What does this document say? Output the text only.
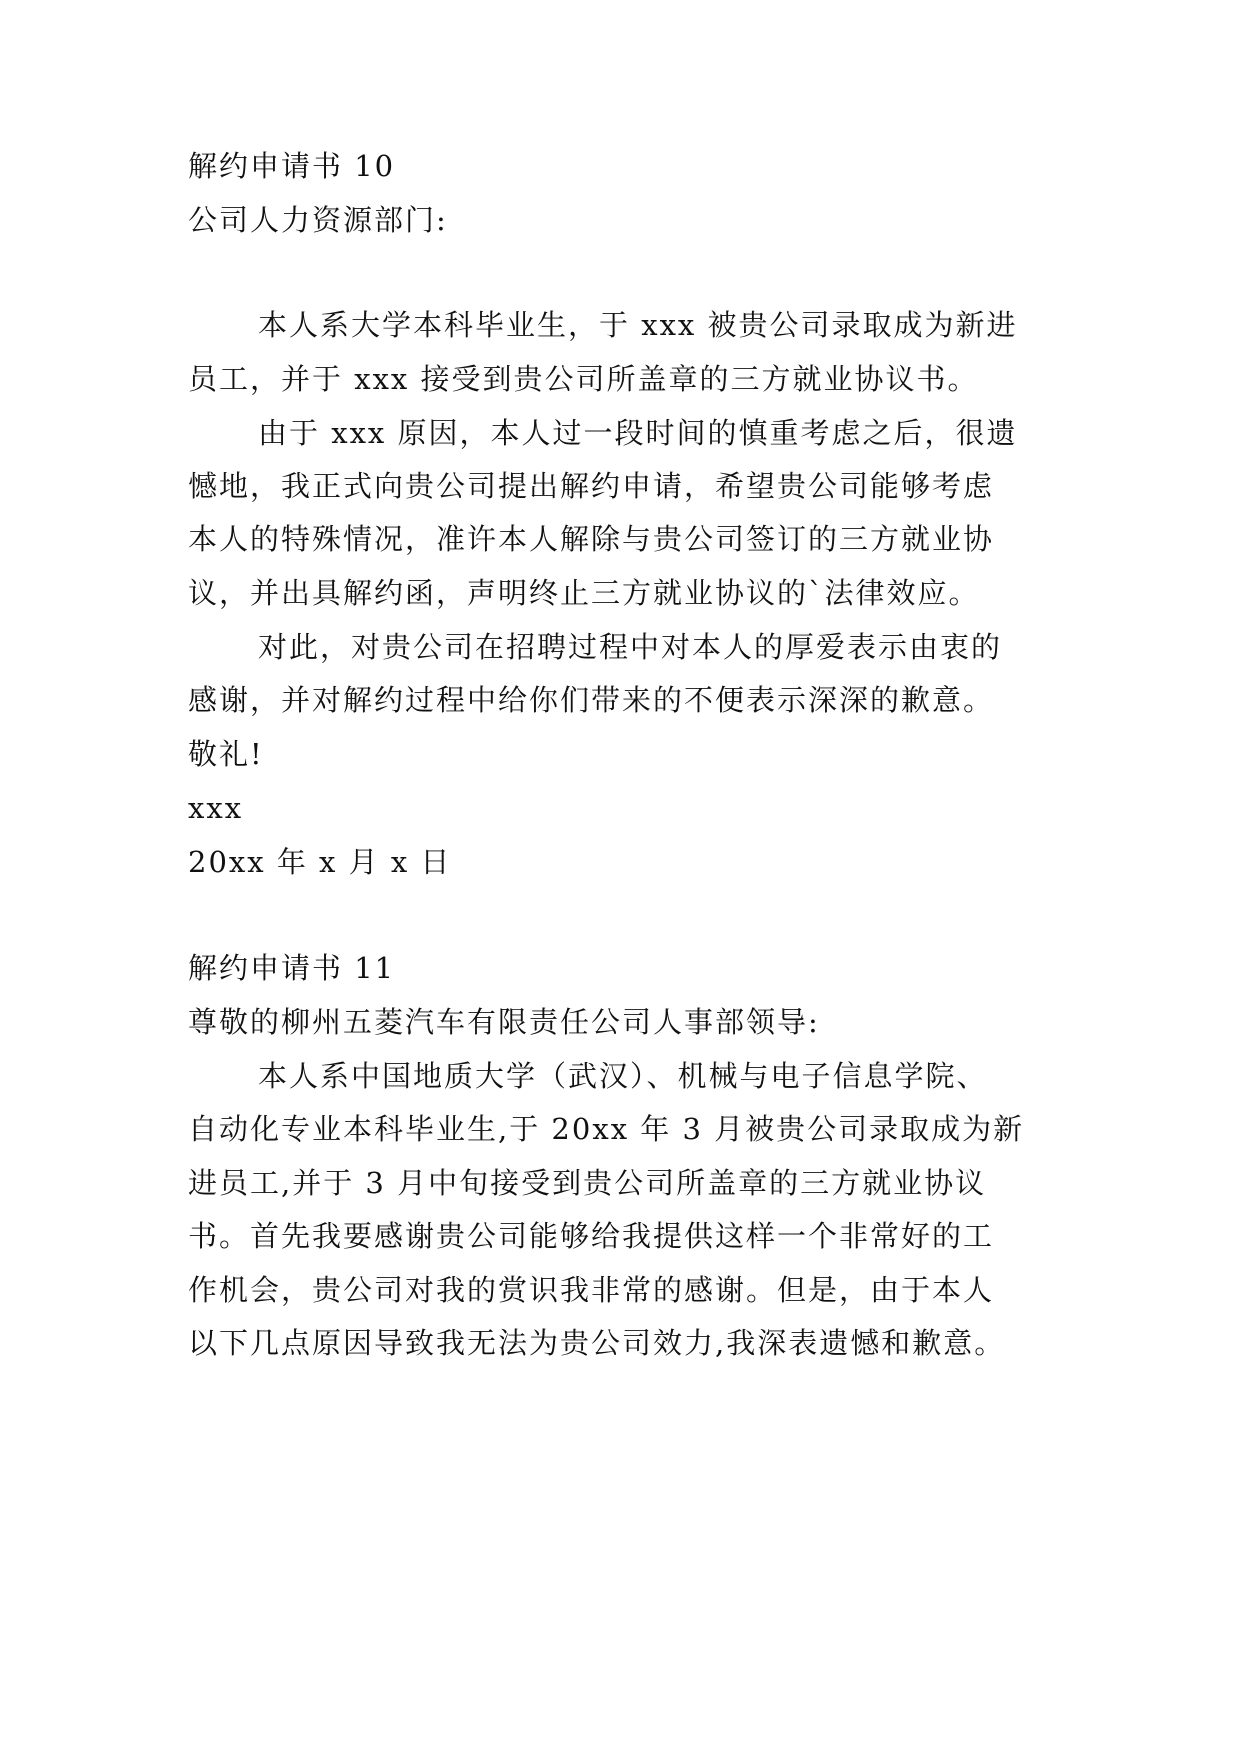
解约申请书 10
公司人力资源部门:
本人系大学本科毕业生，于 xxx 被贵公司录取成为新进
员工，并于 xxx 接受到贵公司所盖章的三方就业协议书。
由于 xxx 原因，本人过一段时间的慎重考虑之后，很遗
憾地，我正式向贵公司提出解约申请，希望贵公司能够考虑
本人的特殊情况，准许本人解除与贵公司签订的三方就业协
议，并出具解约函，声明终止三方就业协议的`法律效应。
对此，对贵公司在招聘过程中对本人的厚爱表示由衷的
感谢，并对解约过程中给你们带来的不便表示深深的歉意。
敬礼!
xxx
20xx 年 x 月 x 日
解约申请书 11
尊敬的柳州五菱汽车有限责任公司人事部领导:
本人系中国地质大学（武汉）、机械与电子信息学院、
自动化专业本科毕业生,于 20xx 年 3 月被贵公司录取成为新
进员工,并于 3 月中旬接受到贵公司所盖章的三方就业协议
书。首先我要感谢贵公司能够给我提供这样一个非常好的工
作机会，贵公司对我的赏识我非常的感谢。但是，由于本人
以下几点原因导致我无法为贵公司效力,我深表遗憾和歉意。
